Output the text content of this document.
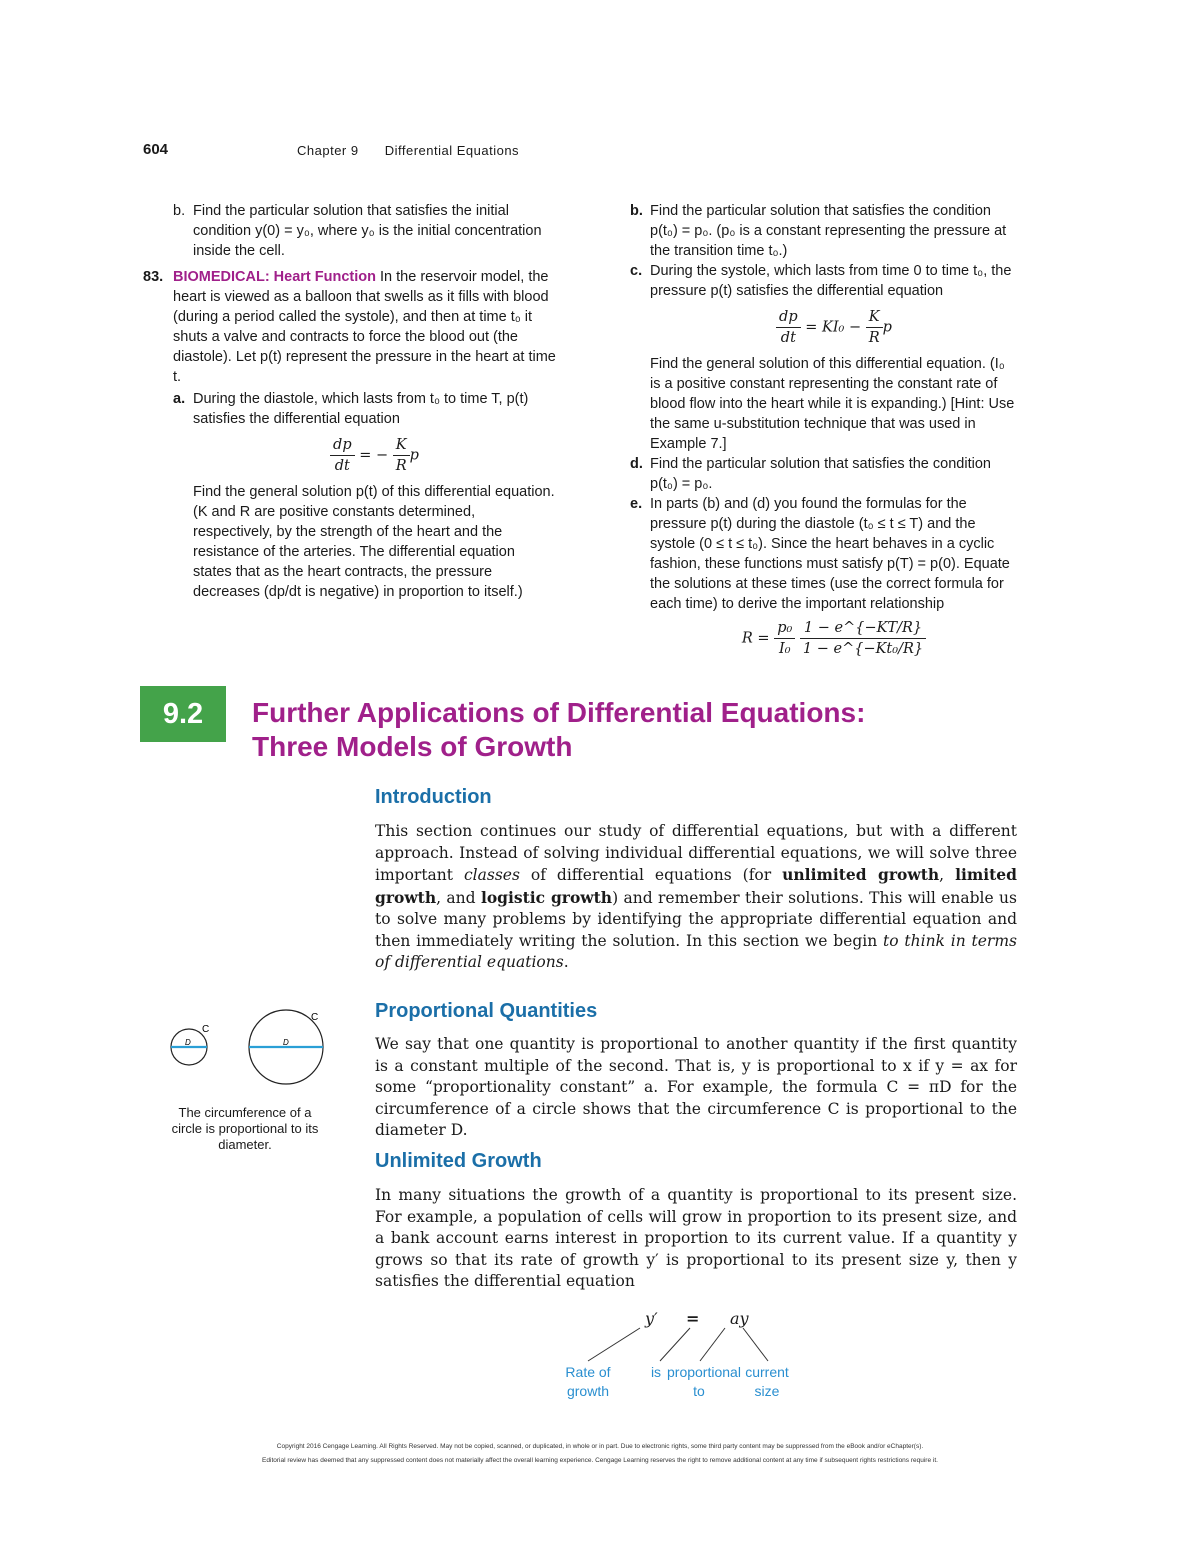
604	Chapter 9 Differential Equations
b. Find the particular solution that satisfies the initial condition y(0) = y₀, where y₀ is the initial concentration inside the cell.

83. BIOMEDICAL: Heart Function In the reservoir model, the heart is viewed as a balloon that swells as it fills with blood (during a period called the systole), and then at time t₀ it shuts a valve and contracts to force the blood out (the diastole). Let p(t) represent the pressure in the heart at time t.

a. During the diastole, which lasts from t₀ to time T, p(t) satisfies the differential equation

$\frac{dp}{dt}$ = − $\frac{K}{R}$ p

Find the general solution p(t) of this differential equation. (K and R are positive constants determined, respectively, by the strength of the heart and the resistance of the arteries. The differential equation states that as the heart contracts, the pressure decreases (dp/dt is negative) in proportion to itself.)

b. Find the particular solution that satisfies the condition p(t₀) = p₀. (p₀ is a constant representing the pressure at the transition time t₀.)

c. During the systole, which lasts from time 0 to time t₀, the pressure p(t) satisfies the differential equation

$\frac{dp}{dt} = KI_0 - \frac{K}{R}$ p

Find the general solution of this differential equation. (I₀ is a positive constant representing the constant rate of blood flow into the heart while it is expanding.) [Hint: Use the same u-substitution technique that was used in Example 7.]

d. Find the particular solution that satisfies the condition p(t₀) = p₀.

e. In parts (b) and (d) you found the formulas for the pressure p(t) during the diastole (t₀ ≤ t ≤ T) and the systole (0 ≤ t ≤ t₀). Since the heart behaves in a cyclic fashion, these functions must satisfy p(T) = p(0). Equate the solutions at these times (use the correct formula for each time) to derive the important relationship

$R = \frac{\text{p₀}}{\text{I₀}}$
$\frac{1 - e\^{}\{-KT/R\}}{\text{1 − e\textasciicircum{}\{−Kt₀/R\}}}$
9.2	Further Applications of Differential Equations:
Three Models of Growth
Introduction

This section continues our study of differential equations, but with a different approach. Instead of solving individual differential equations, we will solve three important classes of differential equations (for unlimited growth, limited growth, and logistic growth) and remember their solutions. This will enable us to solve many problems by identifying the appropriate differential equation and then immediately writing the solution. In this section we begin to think in terms of differential equations.

Proportional Quantities

We say that one quantity is proportional to another quantity if the first quantity is a constant multiple of the second. That is, y is proportional to x if y = ax for some “proportionality constant” a. For example, the formula C = πD for the circumference of a circle shows that the circumference C is proportional to the diameter D.

C
D
C
D
The circumference of a circle is proportional to its diameter.
Unlimited Growth

In many situations the growth of a quantity is proportional to its present size. For example, a population of cells will grow in proportion to its present size, and a bank account earns interest in proportion to its current value. If a quantity y grows so that its rate of growth y′ is proportional to its present size y, then y satisfies the differential equation

y′ = ay
Rate of growth
is proportional to
current size
Copyright 2016 Cengage Learning. All Rights Reserved. May not be copied, scanned, or duplicated, in whole or in part. Due to electronic rights, some third party content may be suppressed from the eBook and/or eChapter(s).
Editorial review has deemed that any suppressed content does not materially affect the overall learning experience. Cengage Learning reserves the right to remove additional content at any time if subsequent rights restrictions require it.
